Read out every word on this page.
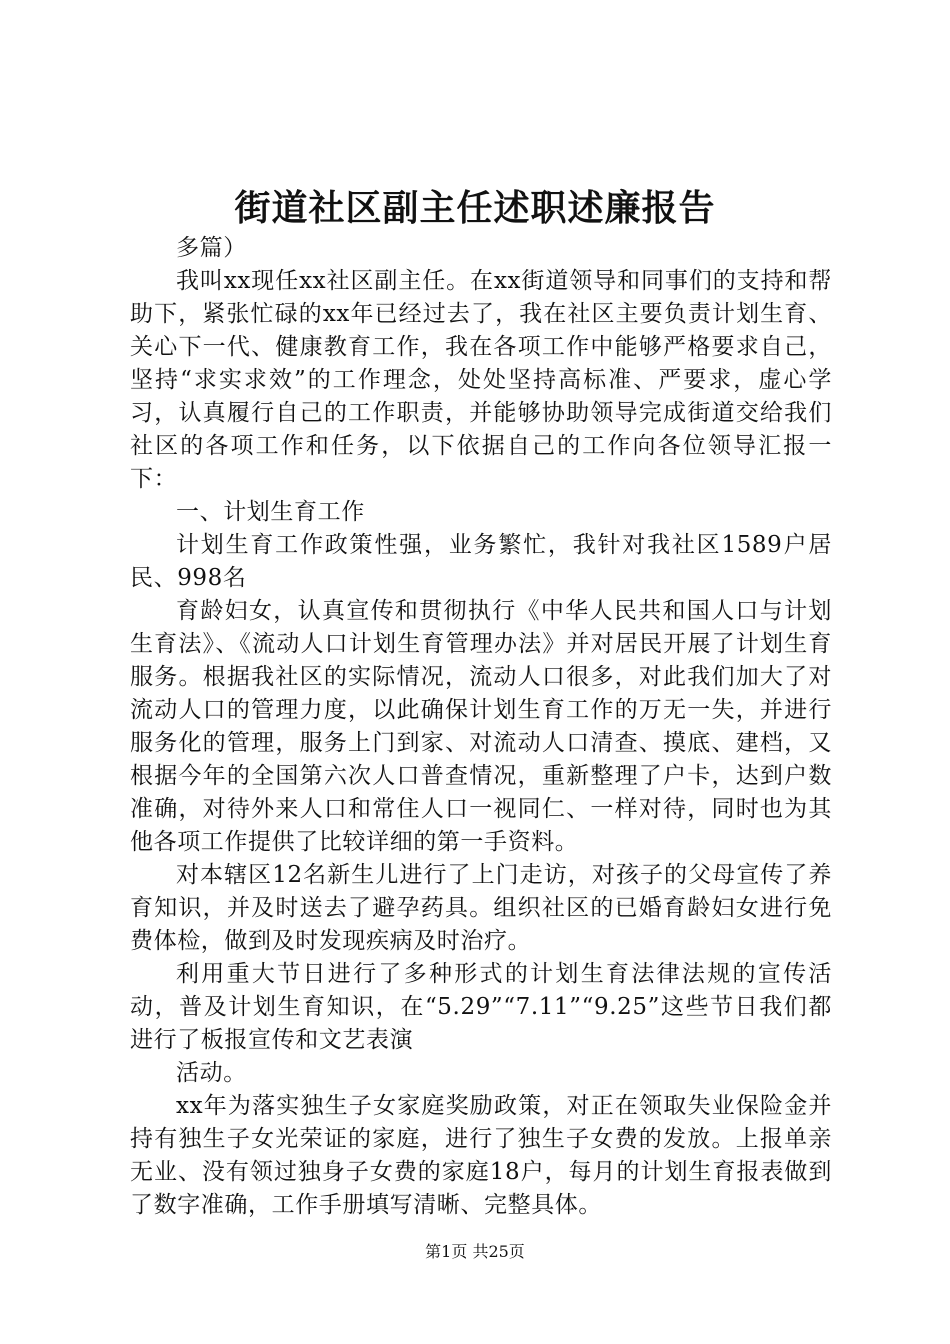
街道社区副主任述职述廉报告

多篇）

我叫xx现任xx社区副主任。在xx街道领导和同事们的支持和帮助下，紧张忙碌的xx年已经过去了，我在社区主要负责计划生育、关心下一代、健康教育工作，我在各项工作中能够严格要求自己，坚持“求实求效”的工作理念，处处坚持高标准、严要求，虚心学习，认真履行自己的工作职责，并能够协助领导完成街道交给我们社区的各项工作和任务，以下依据自己的工作向各位领导汇报一下：

一、计划生育工作

计划生育工作政策性强，业务繁忙，我针对我社区1589户居民、998名

育龄妇女，认真宣传和贯彻执行《中华人民共和国人口与计划生育法》、《流动人口计划生育管理办法》并对居民开展了计划生育服务。根据我社区的实际情况，流动人口很多，对此我们加大了对流动人口的管理力度，以此确保计划生育工作的万无一失，并进行服务化的管理，服务上门到家、对流动人口清查、摸底、建档，又根据今年的全国第六次人口普查情况，重新整理了户卡，达到户数准确，对待外来人口和常住人口一视同仁、一样对待，同时也为其他各项工作提供了比较详细的第一手资料。

对本辖区12名新生儿进行了上门走访，对孩子的父母宣传了养育知识，并及时送去了避孕药具。组织社区的已婚育龄妇女进行免费体检，做到及时发现疾病及时治疗。

利用重大节日进行了多种形式的计划生育法律法规的宣传活动，普及计划生育知识，在“5.29”“7.11”“9.25”这些节日我们都进行了板报宣传和文艺表演

活动。

xx年为落实独生子女家庭奖励政策，对正在领取失业保险金并持有独生子女光荣证的家庭，进行了独生子女费的发放。上报单亲无业、没有领过独身子女费的家庭18户，每月的计划生育报表做到了数字准确，工作手册填写清晰、完整具体。

第1页 共25页
